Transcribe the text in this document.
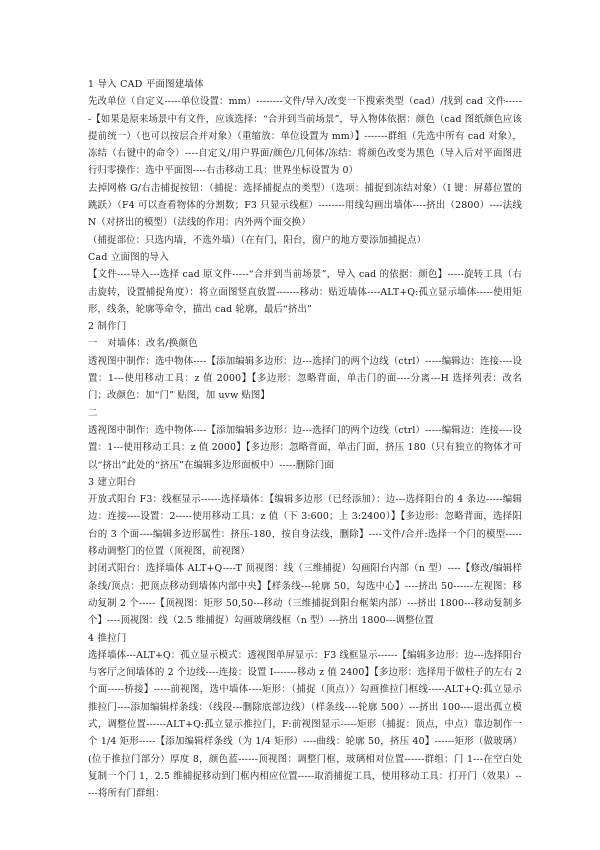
1 导入 CAD 平面图建墙体

先改单位（自定义-----单位设置：mm）--------文件/导入/改变一下搜索类型（cad）/找到 cad 文件------【如果是原来场景中有文件，应该选择：“合并到当前场景”，导入物体依据：颜色（cad 图纸颜色应该提前统一）（也可以按层合并对象）（重缩放：单位设置为 mm）】-------群组（先选中所有 cad 对象），冻结（右键中的命令）----自定义/用户界面/颜色/几何体/冻结：将颜色改变为黑色（导入后对平面图进行归零操作：选中平面图----右击移动工具：世界坐标设置为 0）

去掉网格 G/右击捕捉按钮：（捕捉：选择捕捉点的类型）（选项：捕捉到冻结对象）（I 键：屏幕位置的跳跃）（F4 可以查看物体的分割数；F3 只显示线框）--------用线勾画出墙体----挤出（2800）----法线 N（对挤出的模型）（法线的作用：内外两个面交换）

（捕捉部位：只选内墙，不选外墙）（在有门，阳台，窗户的地方要添加捕捉点）

Cad 立面图的导入

【文件----导入---选择 cad 原文件-----“合并到当前场景”，导入 cad 的依据：颜色】-----旋转工具（右击旋转，设置捕捉角度）：将立面图竖直放置-------移动：贴近墙体----ALT+Q:孤立显示墙体-----使用矩形，线条，轮廓等命令，描出 cad 轮廓，最后“挤出”

2 制作门

一　对墙体：改名/换颜色

透视图中制作：选中物体----【添加编辑多边形：边---选择门的两个边线（ctrl）-----编辑边：连接----设置：1---使用移动工具：z 值 2000】【多边形：忽略背面，单击门的面----分离---H 选择列表：改名门；改颜色：加“门” 贴图，加 uvw 贴图】

二

透视图中制作：选中物体----【添加编辑多边形：边---选择门的两个边线（ctrl）-----编辑边：连接----设置：1---使用移动工具：z 值 2000】【多边形：忽略背面，单击门面，挤压 180（只有独立的物体才可以“挤出”此处的“挤压”在编辑多边形面板中）-----删除门面

3 建立阳台

开放式阳台 F3：线框显示------选择墙体：【编辑多边形（已经添加）：边---选择阳台的 4 条边-----编辑边：连接----设置：2-----使用移动工具：z 值（下 3:600；上 3:2400）】【多边形：忽略背面，选择阳台的 3 个面----编辑多边形属性：挤压-180，按自身法线，删除】----文件/合并:选择一个门的模型-----移动调整门的位置（顶视图，前视图）

封闭式阳台：选择墙体 ALT+Q----T 顶视图：线（三维捕捉）勾画阳台内部（n 型）----【修改/编辑样条线/顶点：把顶点移动到墙体内部中央】【样条线---轮廓 50，勾选中心】----挤出 50------左视图：移动复制 2 个-----【顶视图：矩形 50,50---移动（三维捕捉到阳台框架内部）---挤出 1800---移动复制多个】----顶视图：线（2.5 维捕捉）勾画玻璃线框（n 型）---挤出 1800---调整位置

4 推拉门

选择墙体---ALT+Q：孤立显示模式：透视图单屏显示：F3 线框显示------【编辑多边形：边---选择阳台与客厅之间墙体的 2 个边线----连接：设置 I-------移动 z 值 2400】【多边形：选择用于做柱子的左右 2 个面-----桥接】-----前视图，选中墙体----矩形：（捕捉（顶点））勾画推拉门框线-----ALT+Q:孤立显示推拉门----添加编辑样条线：（线段---删除底部边线）（样条线----轮廓 500）---挤出 100----退出孤立模式，调整位置------ALT+Q:孤立显示推拉门，F:前视图显示-----矩形（捕捉：顶点，中点）靠边制作一个 1/4 矩形-----【添加编辑样条线（为 1/4 矩形）----曲线：轮廓 50，挤压 40】------矩形（做玻璃）(位于推拉门部分）厚度 8，颜色蓝------顶视图：调整门框，玻璃相对位置------群组：门 1---在空白处复制一个门 1，2.5 维捕捉移动到门框内相应位置-----取消捕捉工具，使用移动工具：打开门（效果）-----将所有门群组：
